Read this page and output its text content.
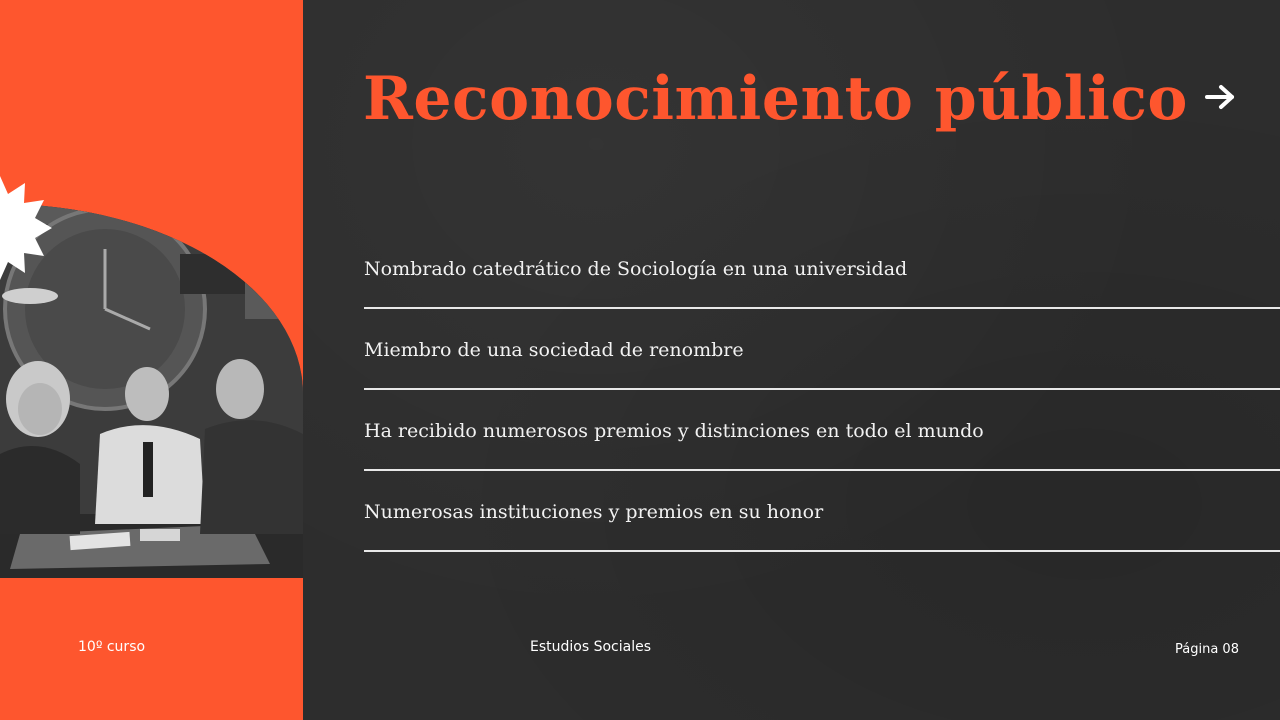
Reconocimiento público
Nombrado catedrático de Sociología en una universidad
Miembro de una sociedad de renombre
Ha recibido numerosos premios y distinciones en todo el mundo
Numerosas instituciones y premios en su honor
10º curso	Estudios Sociales	Página 08
